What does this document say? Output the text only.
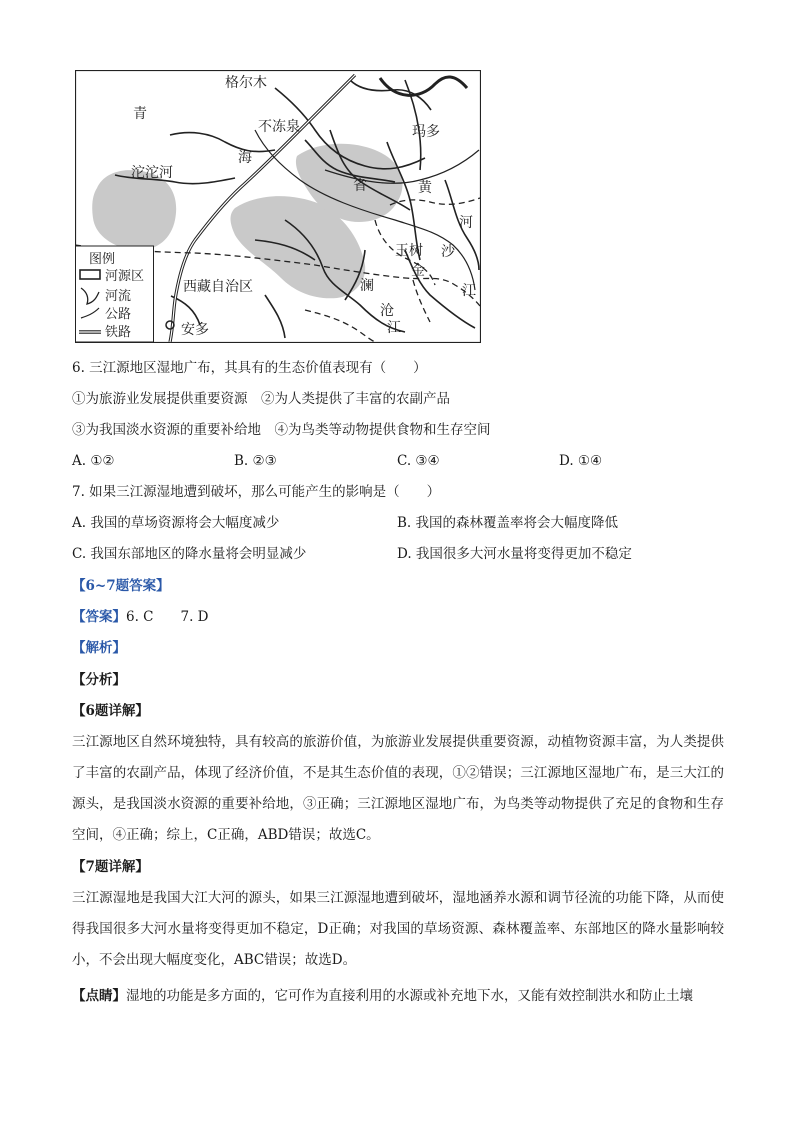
格尔木
青
不冻泉	玛多
沱沱河
海
省	黄
河
玉树
金
沙
西藏自治区	澜	江
沧
江
安多
图例
河源区
河流
公路
铁路
6. 三江源地区湿地广布，其具有的生态价值表现有（　　）
①为旅游业发展提供重要资源　②为人类提供了丰富的农副产品
③为我国淡水资源的重要补给地　④为鸟类等动物提供食物和生存空间
A. ①②	B. ②③	C. ③④	D. ①④
7. 如果三江源湿地遭到破坏，那么可能产生的影响是（　　）
A. 我国的草场资源将会大幅度减少	B. 我国的森林覆盖率将会大幅度降低
C. 我国东部地区的降水量将会明显减少	D. 我国很多大河水量将变得更加不稳定
【6~7题答案】
【答案】6. C　　7. D
【解析】
【分析】
【6题详解】
三江源地区自然环境独特，具有较高的旅游价值，为旅游业发展提供重要资源，动植物资源丰富，为人类提供了丰富的农副产品，体现了经济价值，不是其生态价值的表现，①②错误；三江源地区湿地广布，是三大江的源头，是我国淡水资源的重要补给地，③正确；三江源地区湿地广布，为鸟类等动物提供了充足的食物和生存空间，④正确；综上，C正确，ABD错误；故选C。
【7题详解】
三江源湿地是我国大江大河的源头，如果三江源湿地遭到破坏，湿地涵养水源和调节径流的功能下降，从而使得我国很多大河水量将变得更加不稳定，D正确；对我国的草场资源、森林覆盖率、东部地区的降水量影响较小，不会出现大幅度变化，ABC错误；故选D。
【点睛】湿地的功能是多方面的，它可作为直接利用的水源或补充地下水，又能有效控制洪水和防止土壤
